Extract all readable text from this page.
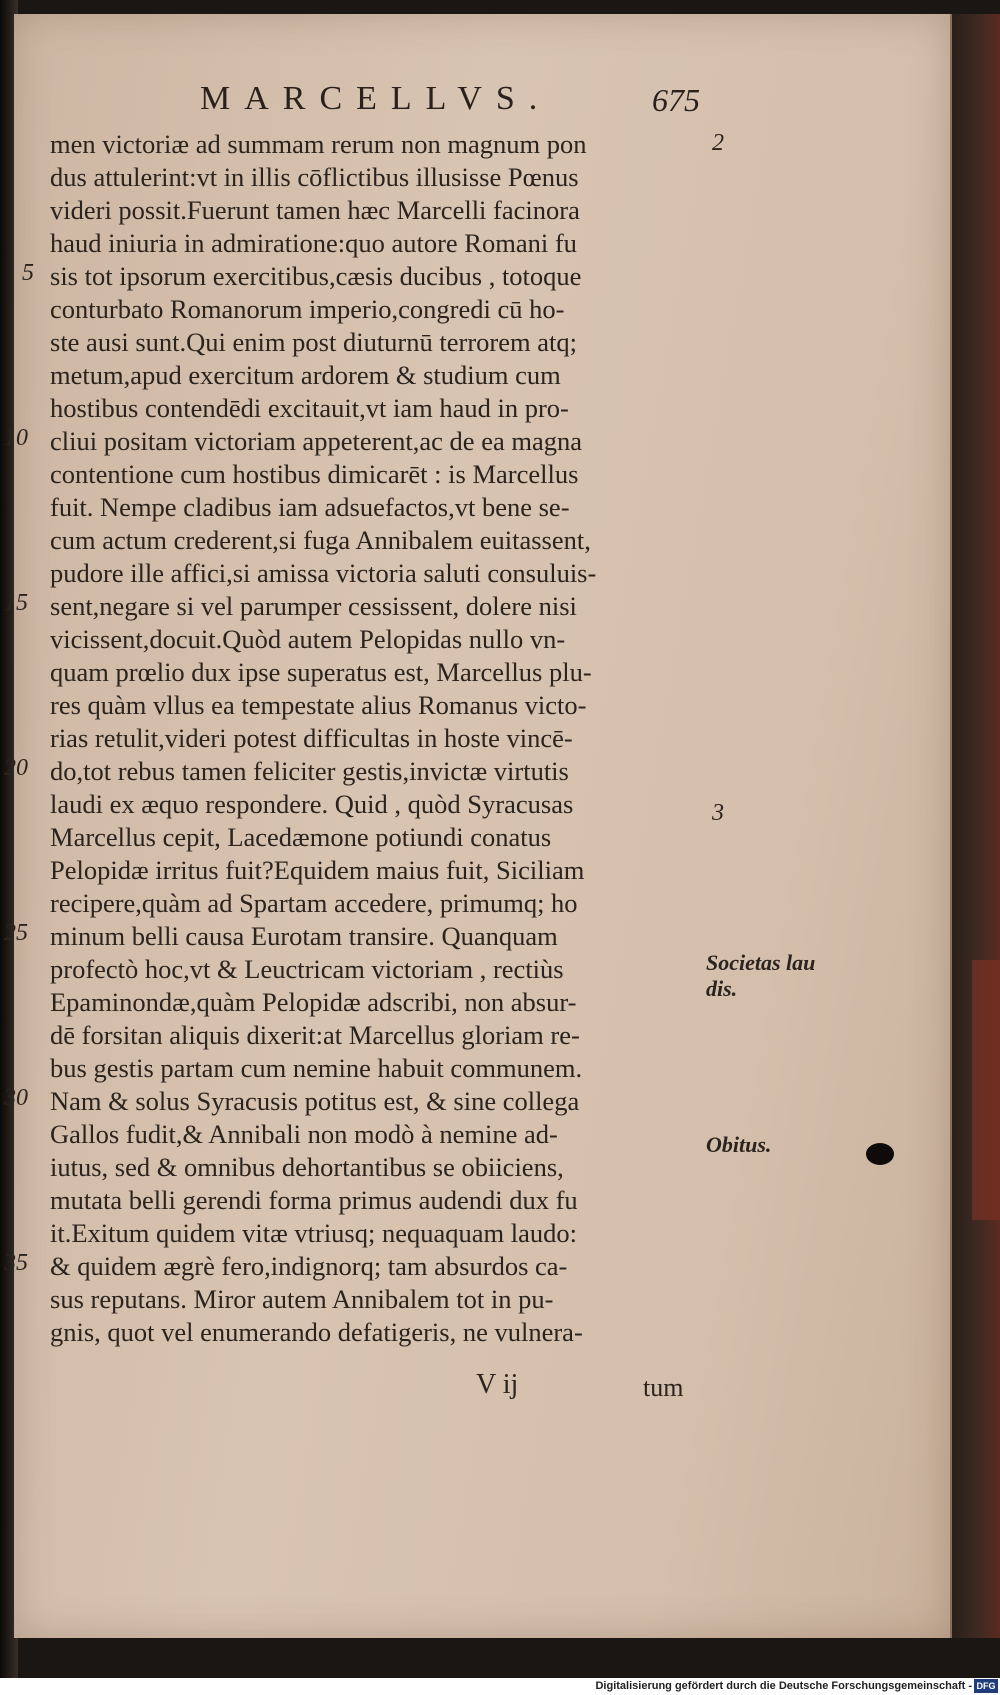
MARCELLVS.	675
men victoriæ ad summam rerum non magnum pon
dus attulerint:vt in illis cōflictibus illusisse Pœnus
videri possit.Fuerunt tamen hæc Marcelli facinora
haud iniuria in admiratione:quo autore Romani fu
sis tot ipsorum exercitibus,cæsis ducibus , totoque
conturbato Romanorum imperio,congredi cū ho-
ste ausi sunt.Qui enim post diuturnū terrorem atq;
metum,apud exercitum ardorem & studium cum
hostibus contendēdi excitauit,vt iam haud in pro-
cliui positam victoriam appeterent,ac de ea magna
contentione cum hostibus dimicarēt : is Marcellus
fuit. Nempe cladibus iam adsuefactos,vt bene se-
cum actum crederent,si fuga Annibalem euitassent,
pudore ille affici,si amissa victoria saluti consuluis-
sent,negare si vel parumper cessissent, dolere nisi
vicissent,docuit.Quòd autem Pelopidas nullo vn-
quam prœlio dux ipse superatus est, Marcellus plu-
res quàm vllus ea tempestate alius Romanus victo-
rias retulit,videri potest difficultas in hoste vincē-
do,tot rebus tamen feliciter gestis,invictæ virtutis
laudi ex æquo respondere. Quid , quòd Syracusas
Marcellus cepit, Lacedæmone potiundi conatus
Pelopidæ irritus fuit?Equidem maius fuit, Siciliam
recipere,quàm ad Spartam accedere, primumq; ho
minum belli causa Eurotam transire. Quanquam
profectò hoc,vt & Leuctricam victoriam , rectiùs
Epaminondæ,quàm Pelopidæ adscribi, non absur-
dē forsitan aliquis dixerit:at Marcellus gloriam re-
bus gestis partam cum nemine habuit communem.
Nam & solus Syracusis potitus est, & sine collega
Gallos fudit,& Annibali non modò à nemine ad-
iutus, sed & omnibus dehortantibus se obiiciens,
mutata belli gerendi forma primus audendi dux fu
it.Exitum quidem vitæ vtriusq; nequaquam laudo:
& quidem ægrè fero,indignorq; tam absurdos ca-
sus reputans. Miror autem Annibalem tot in pu-
gnis, quot vel enumerando defatigeris, ne vulnera-
5
10
15
20
25
30
35
2
3
Societas lau dis.
Obitus.
V ij	tum
Digitalisierung gefördert durch die Deutsche Forschungsgemeinschaft - DFG
